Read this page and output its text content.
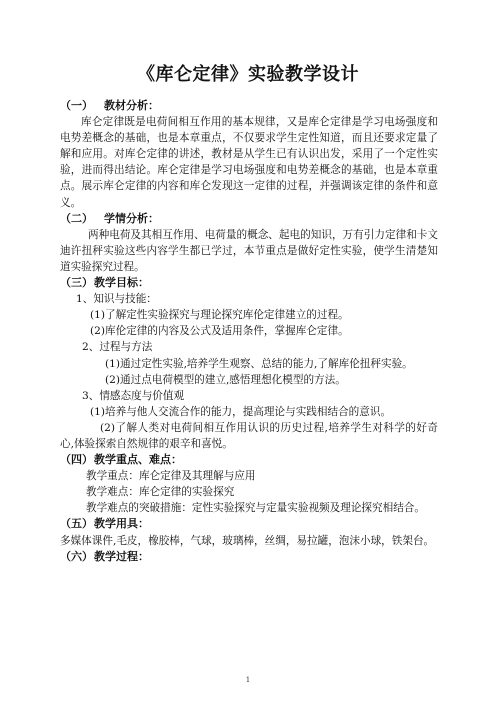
《库仑定律》实验教学设计
（一） 教材分析：

库仑定律既是电荷间相互作用的基本规律，又是库仑定律是学习电场强度和电势差概念的基础，也是本章重点，不仅要求学生定性知道，而且还要求定量了解和应用。对库仑定律的讲述，教材是从学生已有认识出发，采用了一个定性实验，进而得出结论。库仑定律是学习电场强度和电势差概念的基础，也是本章重点。展示库仑定律的内容和库仑发现这一定律的过程，并强调该定律的条件和意义。

（二） 学情分析：

两种电荷及其相互作用、电荷量的概念、起电的知识，万有引力定律和卡文迪许扭秤实验这些内容学生都已学过，本节重点是做好定性实验，使学生清楚知道实验探究过程。

（三）教学目标：

1、知识与技能：

(1)了解定性实验探究与理论探究库伦定律建立的过程。

(2)库伦定律的内容及公式及适用条件，掌握库仑定律。

2、过程与方法

(1)通过定性实验,培养学生观察、总结的能力,了解库伦扭秤实验。

(2)通过点电荷模型的建立,感悟理想化模型的方法。

3、情感态度与价值观

(1)培养与他人交流合作的能力，提高理论与实践相结合的意识。

(2)了解人类对电荷间相互作用认识的历史过程,培养学生对科学的好奇心,体验探索自然规律的艰辛和喜悦。

（四）教学重点、难点：

教学重点：库仑定律及其理解与应用

教学难点：库仑定律的实验探究

教学难点的突破措施：定性实验探究与定量实验视频及理论探究相结合。

（五）教学用具：

多媒体课件,毛皮，橡胶棒，气球，玻璃棒，丝绸，易拉罐，泡沫小球，铁架台。

（六）教学过程：
1
